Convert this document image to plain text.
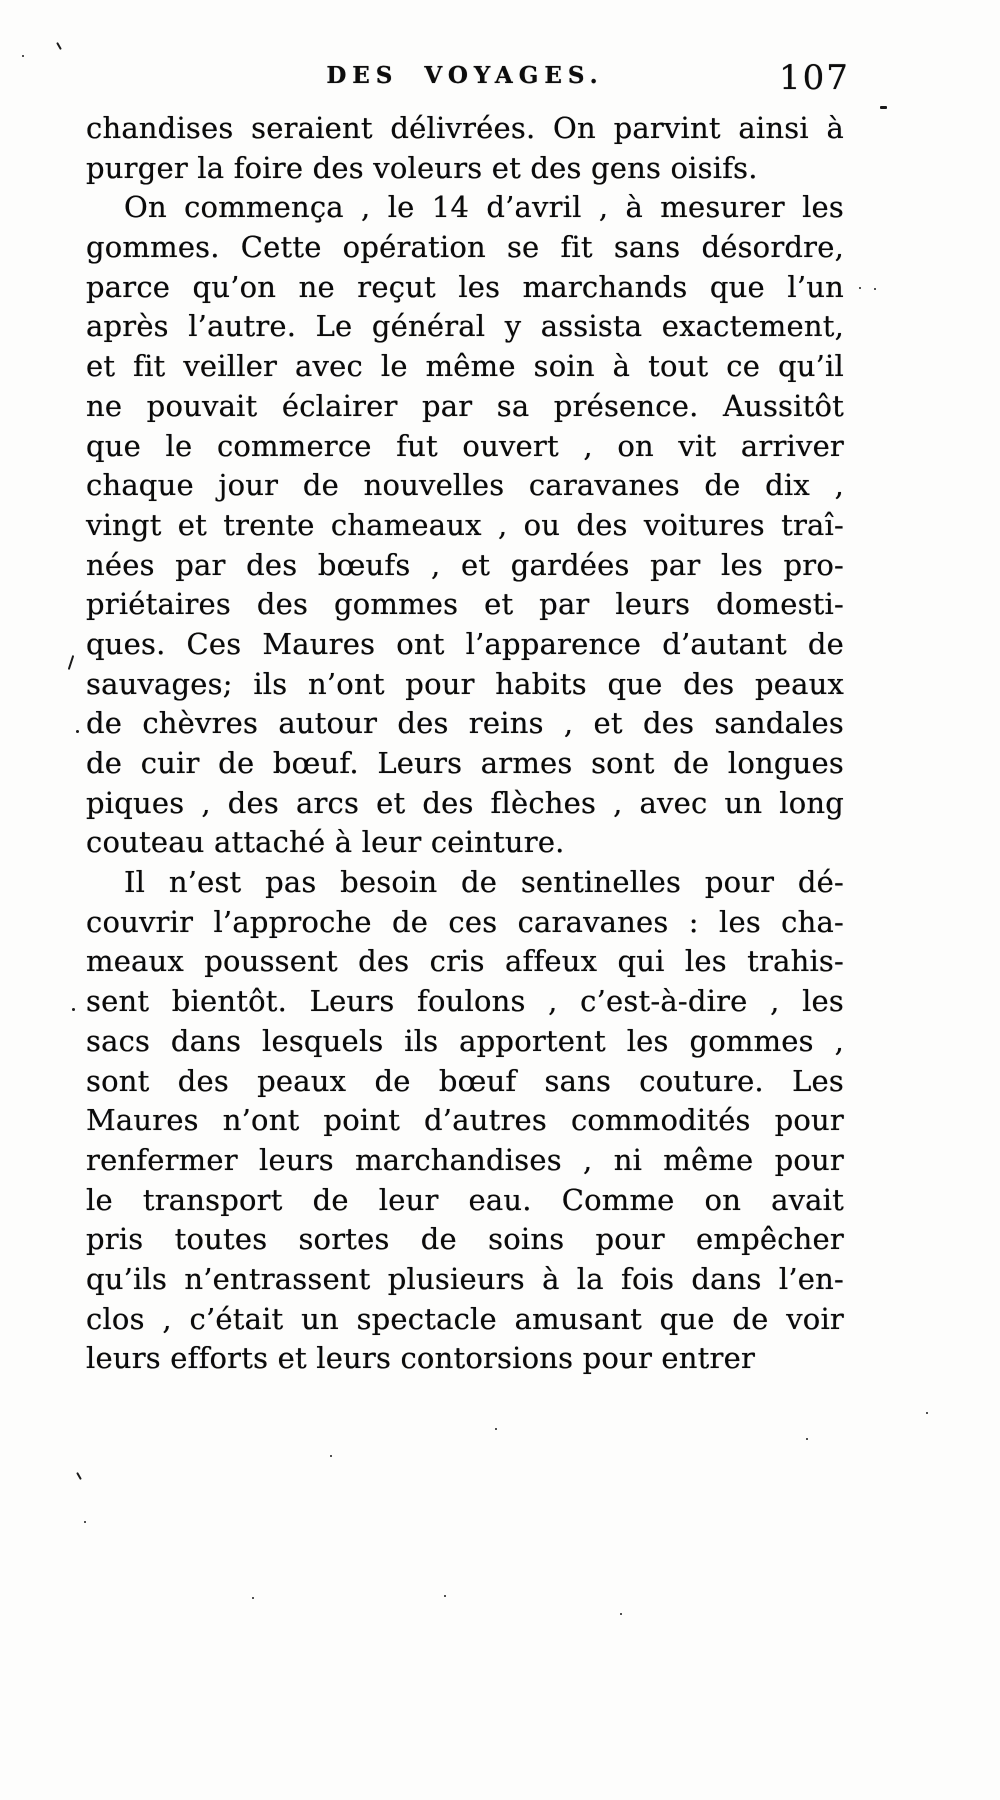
DES VOYAGES.	107
chandises seraient délivrées. On parvint ainsi à
purger la foire des voleurs et des gens oisifs.
On commença , le 14 d’avril , à mesurer les
gommes. Cette opération se fit sans désordre,
parce qu’on ne reçut les marchands que l’un
après l’autre. Le général y assista exactement,
et fit veiller avec le même soin à tout ce qu’il
ne pouvait éclairer par sa présence. Aussitôt
que le commerce fut ouvert , on vit arriver
chaque jour de nouvelles caravanes de dix ,
vingt et trente chameaux , ou des voitures traî-
nées par des bœufs , et gardées par les pro-
priétaires des gommes et par leurs domesti-
ques. Ces Maures ont l’apparence d’autant de
sauvages; ils n’ont pour habits que des peaux
de chèvres autour des reins , et des sandales
de cuir de bœuf. Leurs armes sont de longues
piques , des arcs et des flèches , avec un long
couteau attaché à leur ceinture.
Il n’est pas besoin de sentinelles pour dé-
couvrir l’approche de ces caravanes : les cha-
meaux poussent des cris affeux qui les trahis-
sent bientôt. Leurs foulons , c’est-à-dire , les
sacs dans lesquels ils apportent les gommes ,
sont des peaux de bœuf sans couture. Les
Maures n’ont point d’autres commodités pour
renfermer leurs marchandises , ni même pour
le transport de leur eau. Comme on avait
pris toutes sortes de soins pour empêcher
qu’ils n’entrassent plusieurs à la fois dans l’en-
clos , c’était un spectacle amusant que de voir
leurs efforts et leurs contorsions pour entrer
